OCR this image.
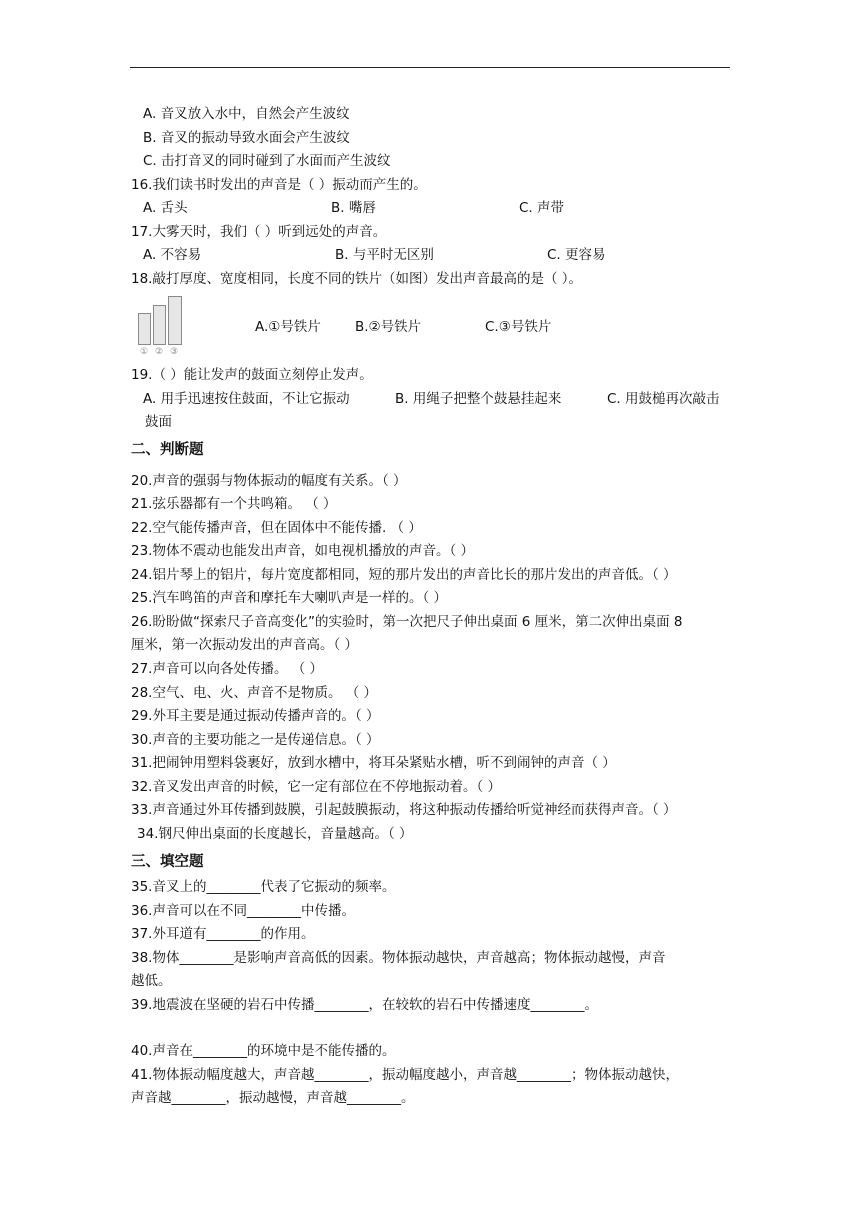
A. 音叉放入水中，自然会产生波纹
B. 音叉的振动导致水面会产生波纹
C. 击打音叉的同时碰到了水面而产生波纹
16.我们读书时发出的声音是（ ）振动而产生的。
A. 舌头	B. 嘴唇	C. 声带
17.大雾天时，我们（ ）听到远处的声音。
A. 不容易	B. 与平时无区别	C. 更容易
18.敲打厚度、宽度相同，长度不同的铁片（如图）发出声音最高的是（ ）。
① ② ③
A.①号铁片	B.②号铁片	C.③号铁片
19.（ ）能让发声的鼓面立刻停止发声。
A. 用手迅速按住鼓面，不让它振动	B. 用绳子把整个鼓悬挂起来	C. 用鼓槌再次敲击
鼓面
二、判断题
20.声音的强弱与物体振动的幅度有关系。（ ）
21.弦乐器都有一个共鸣箱。 （ ）
22.空气能传播声音，但在固体中不能传播. （ ）
23.物体不震动也能发出声音，如电视机播放的声音。（ ）
24.铝片琴上的铝片，每片宽度都相同，短的那片发出的声音比长的那片发出的声音低。（ ）
25.汽车鸣笛的声音和摩托车大喇叭声是一样的。（ ）
26.盼盼做“探索尺子音高变化”的实验时，第一次把尺子伸出桌面 6 厘米，第二次伸出桌面 8
厘米，第一次振动发出的声音高。（ ）
27.声音可以向各处传播。 （ ）
28.空气、电、火、声音不是物质。 （ ）
29.外耳主要是通过振动传播声音的。（ ）
30.声音的主要功能之一是传递信息。（ ）
31.把闹钟用塑料袋裹好，放到水槽中，将耳朵紧贴水槽，听不到闹钟的声音（ ）
32.音叉发出声音的时候，它一定有部位在不停地振动着。（ ）
33.声音通过外耳传播到鼓膜，引起鼓膜振动，将这种振动传播给听觉神经而获得声音。（ ）
34.钢尺伸出桌面的长度越长，音量越高。（ ）
三、填空题
35.音叉上的________代表了它振动的频率。
36.声音可以在不同________中传播。
37.外耳道有________的作用。
38.物体________是影响声音高低的因素。物体振动越快，声音越高；物体振动越慢，声音
越低。
39.地震波在坚硬的岩石中传播________，在较软的岩石中传播速度________。
40.声音在________的环境中是不能传播的。
41.物体振动幅度越大，声音越________，振动幅度越小，声音越________；物体振动越快，
声音越________，振动越慢，声音越________。
